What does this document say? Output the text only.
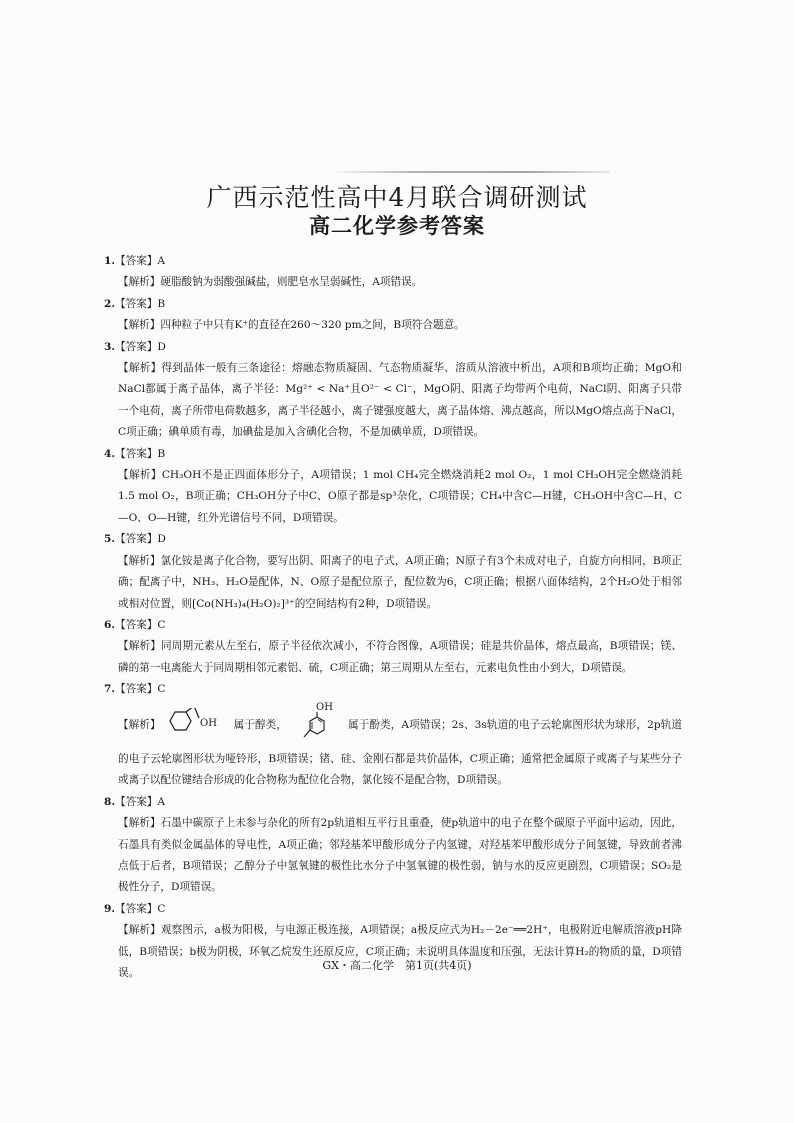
广西示范性高中4月联合调研测试
高二化学参考答案
1.【答案】A
【解析】硬脂酸钠为弱酸强碱盐，则肥皂水呈弱碱性，A项错误。
2.【答案】B
【解析】四种粒子中只有K⁺的直径在260～320 pm之间，B项符合题意。
3.【答案】D
【解析】得到晶体一般有三条途径：熔融态物质凝固、气态物质凝华、溶质从溶液中析出，A项和B项均正确；MgO和NaCl都属于离子晶体，离子半径：Mg²⁺ < Na⁺且O²⁻ < Cl⁻，MgO阴、阳离子均带两个电荷，NaCl阴、阳离子只带一个电荷，离子所带电荷数越多，离子半径越小，离子键强度越大，离子晶体熔、沸点越高，所以MgO熔点高于NaCl，C项正确；碘单质有毒，加碘盐是加入含碘化合物，不是加碘单质，D项错误。
4.【答案】B
【解析】CH₃OH不是正四面体形分子，A项错误；1 mol CH₄完全燃烧消耗2 mol O₂，1 mol CH₃OH完全燃烧消耗1.5 mol O₂，B项正确；CH₃OH分子中C、O原子都是sp³杂化，C项错误；CH₄中含C—H键，CH₃OH中含C—H、C—O、O—H键，红外光谱信号不同，D项错误。
5.【答案】D
【解析】氯化铵是离子化合物，要写出阴、阳离子的电子式，A项正确；N原子有3个未成对电子，自旋方向相同，B项正确；配离子中，NH₃、H₂O是配体，N、O原子是配位原子，配位数为6，C项正确；根据八面体结构，2个H₂O处于相邻或相对位置，则[Co(NH₃)₄(H₂O)₂]³⁺的空间结构有2种，D项错误。
6.【答案】C
【解析】同周期元素从左至右，原子半径依次减小，不符合图像，A项错误；硅是共价晶体，熔点最高，B项错误；镁、磷的第一电离能大于同周期相邻元素铝、硫，C项正确；第三周期从左至右，元素电负性由小到大，D项错误。
7.【答案】C
【解析】	OH 属于醇类，
OH
属于酚类，A项错误；2s、3s轨道的电子云轮廓图形状为球形，2p轨道的电子云轮廓图形状为哑铃形，B项错误；锗、硅、金刚石都是共价晶体，C项正确；通常把金属原子或离子与某些分子或离子以配位键结合形成的化合物称为配位化合物，氯化铵不是配合物，D项错误。
8.【答案】A
【解析】石墨中碳原子上未参与杂化的所有2p轨道相互平行且重叠，使p轨道中的电子在整个碳原子平面中运动，因此，石墨具有类似金属晶体的导电性，A项正确；邻羟基苯甲酸形成分子内氢键，对羟基苯甲酸形成分子间氢键，导致前者沸点低于后者，B项错误；乙醇分子中氢氧键的极性比水分子中氢氧键的极性弱，钠与水的反应更剧烈，C项错误；SO₂是极性分子，D项错误。
9.【答案】C
【解析】观察图示，a极为阳极，与电源正极连接，A项错误；a极反应式为H₂－2e⁻══2H⁺，电极附近电解质溶液pH降低，B项错误；b极为阴极，环氧乙烷发生还原反应，C项正确；未说明具体温度和压强，无法计算H₂的物质的量，D项错误。
GX・高二化学　第1页(共4页)
